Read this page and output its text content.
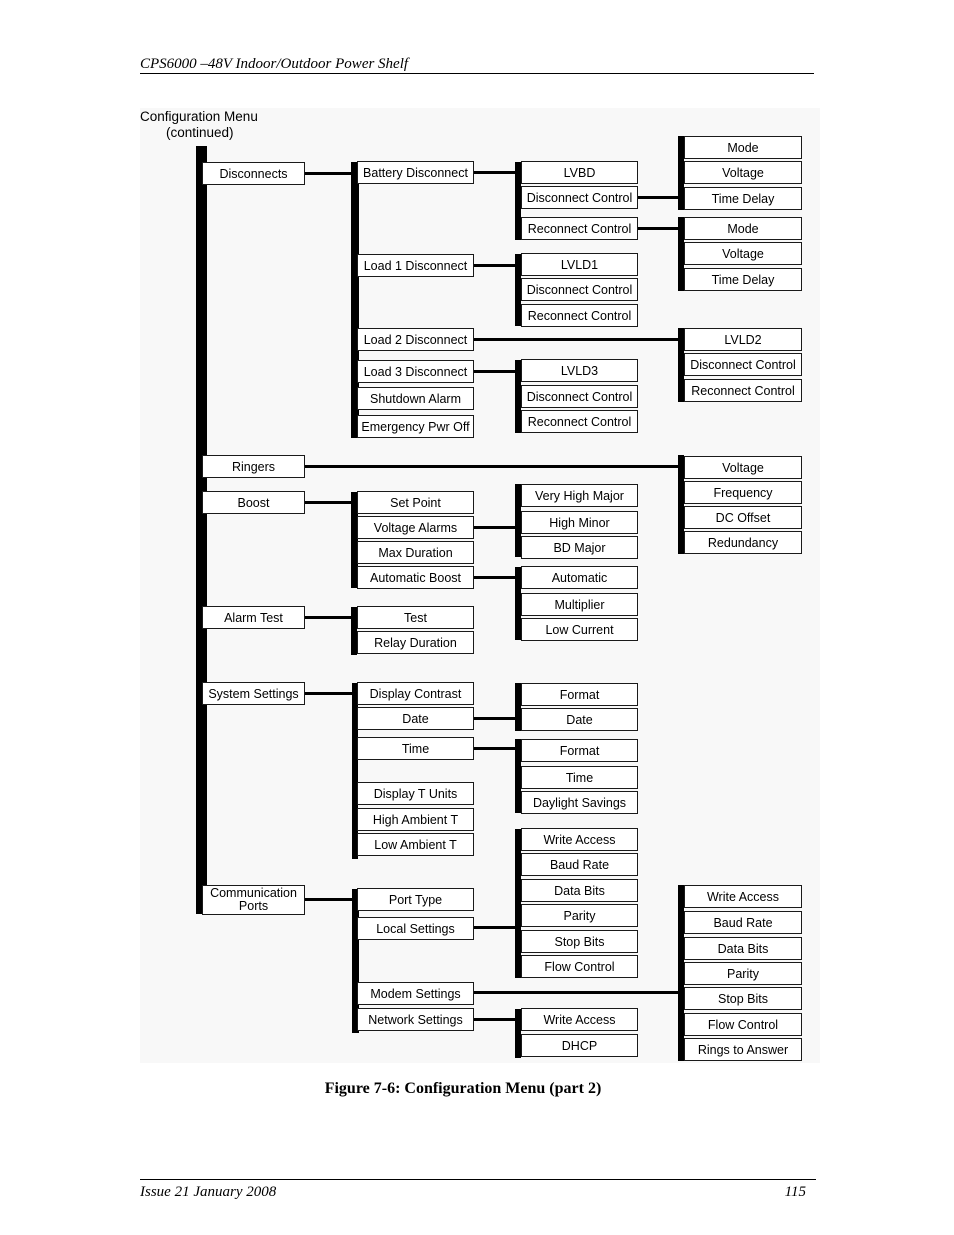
CPS6000 –48V Indoor/Outdoor Power Shelf
Configuration Menu
(continued)
Disconnects
Ringers
Boost
Alarm Test
System Settings
Communication Ports
Battery Disconnect
Load 1 Disconnect
Load 2 Disconnect
Load 3 Disconnect
Shutdown Alarm
Emergency Pwr Off
LVBD
Disconnect Control
Reconnect Control
LVLD1
Disconnect Control
Reconnect Control
LVLD3
Disconnect Control
Reconnect Control
Mode
Voltage
Time Delay
Mode
Voltage
Time Delay
LVLD2
Disconnect Control
Reconnect Control
Voltage
Frequency
DC Offset
Redundancy
Set Point
Voltage Alarms
Max Duration
Automatic Boost
Very High Major
High Minor
BD Major
Automatic
Multiplier
Low Current
Test
Relay Duration
Display Contrast
Date
Time
Display T Units
High Ambient T
Low Ambient T
Format
Date
Format
Time
Daylight Savings
Port Type
Local Settings
Modem Settings
Network Settings
Write Access
Baud Rate
Data Bits
Parity
Stop Bits
Flow Control
Write Access
DHCP
Write Access
Baud Rate
Data Bits
Parity
Stop Bits
Flow Control
Rings to Answer
Figure 7-6: Configuration Menu (part 2)
Issue 21 January 2008	115
